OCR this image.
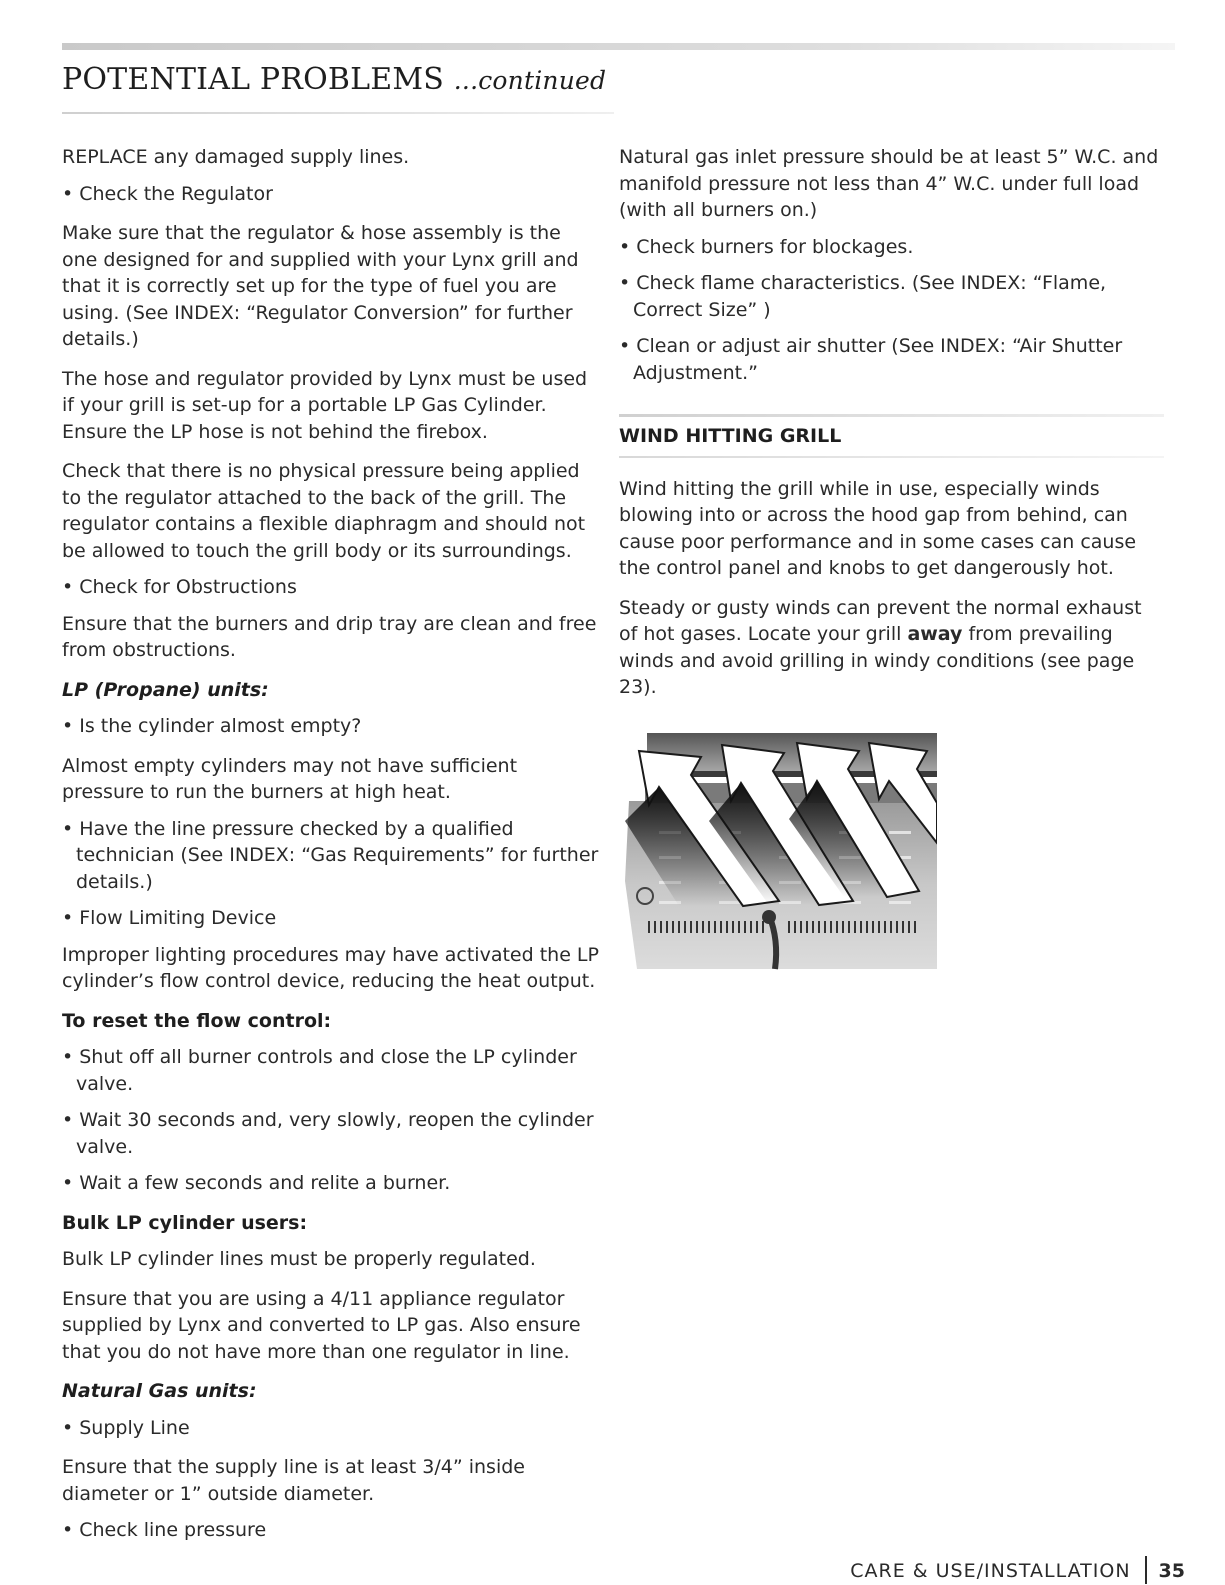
POTENTIAL PROBLEMS ...continued

REPLACE any damaged supply lines.

• Check the Regulator

Make sure that the regulator & hose assembly is the one designed for and supplied with your Lynx grill and that it is correctly set up for the type of fuel you are using. (See INDEX: “Regulator Conversion” for further details.)

The hose and regulator provided by Lynx must be used if your grill is set-up for a portable LP Gas Cylinder. Ensure the LP hose is not behind the firebox.

Check that there is no physical pressure being applied to the regulator attached to the back of the grill. The regulator contains a flexible diaphragm and should not be allowed to touch the grill body or its surroundings.

• Check for Obstructions

Ensure that the burners and drip tray are clean and free from obstructions.

LP (Propane) units:

• Is the cylinder almost empty?

Almost empty cylinders may not have sufficient pressure to run the burners at high heat.

• Have the line pressure checked by a qualified technician (See INDEX: “Gas Requirements” for further details.)

• Flow Limiting Device

Improper lighting procedures may have activated the LP cylinder’s flow control device, reducing the heat output.

To reset the flow control:

• Shut off all burner controls and close the LP cylinder valve.

• Wait 30 seconds and, very slowly, reopen the cylinder valve.

• Wait a few seconds and relite a burner.

Bulk LP cylinder users:

Bulk LP cylinder lines must be properly regulated.

Ensure that you are using a 4/11 appliance regulator supplied by Lynx and converted to LP gas. Also ensure that you do not have more than one regulator in line.

Natural Gas units:

• Supply Line

Ensure that the supply line is at least 3/4” inside diameter or 1” outside diameter.

• Check line pressure

Natural gas inlet pressure should be at least 5” W.C. and manifold pressure not less than 4” W.C. under full load (with all burners on.)

• Check burners for blockages.

• Check flame characteristics. (See INDEX: “Flame, Correct Size” )

• Clean or adjust air shutter (See INDEX: “Air Shutter Adjustment.”

WIND HITTING GRILL

Wind hitting the grill while in use, especially winds blowing into or across the hood gap from behind, can cause poor performance and in some cases can cause the control panel and knobs to get dangerously hot.

Steady or gusty winds can prevent the normal exhaust of hot gases. Locate your grill away from prevailing winds and avoid grilling in windy conditions (see page 23).

CARE & USE/INSTALLATION 35
